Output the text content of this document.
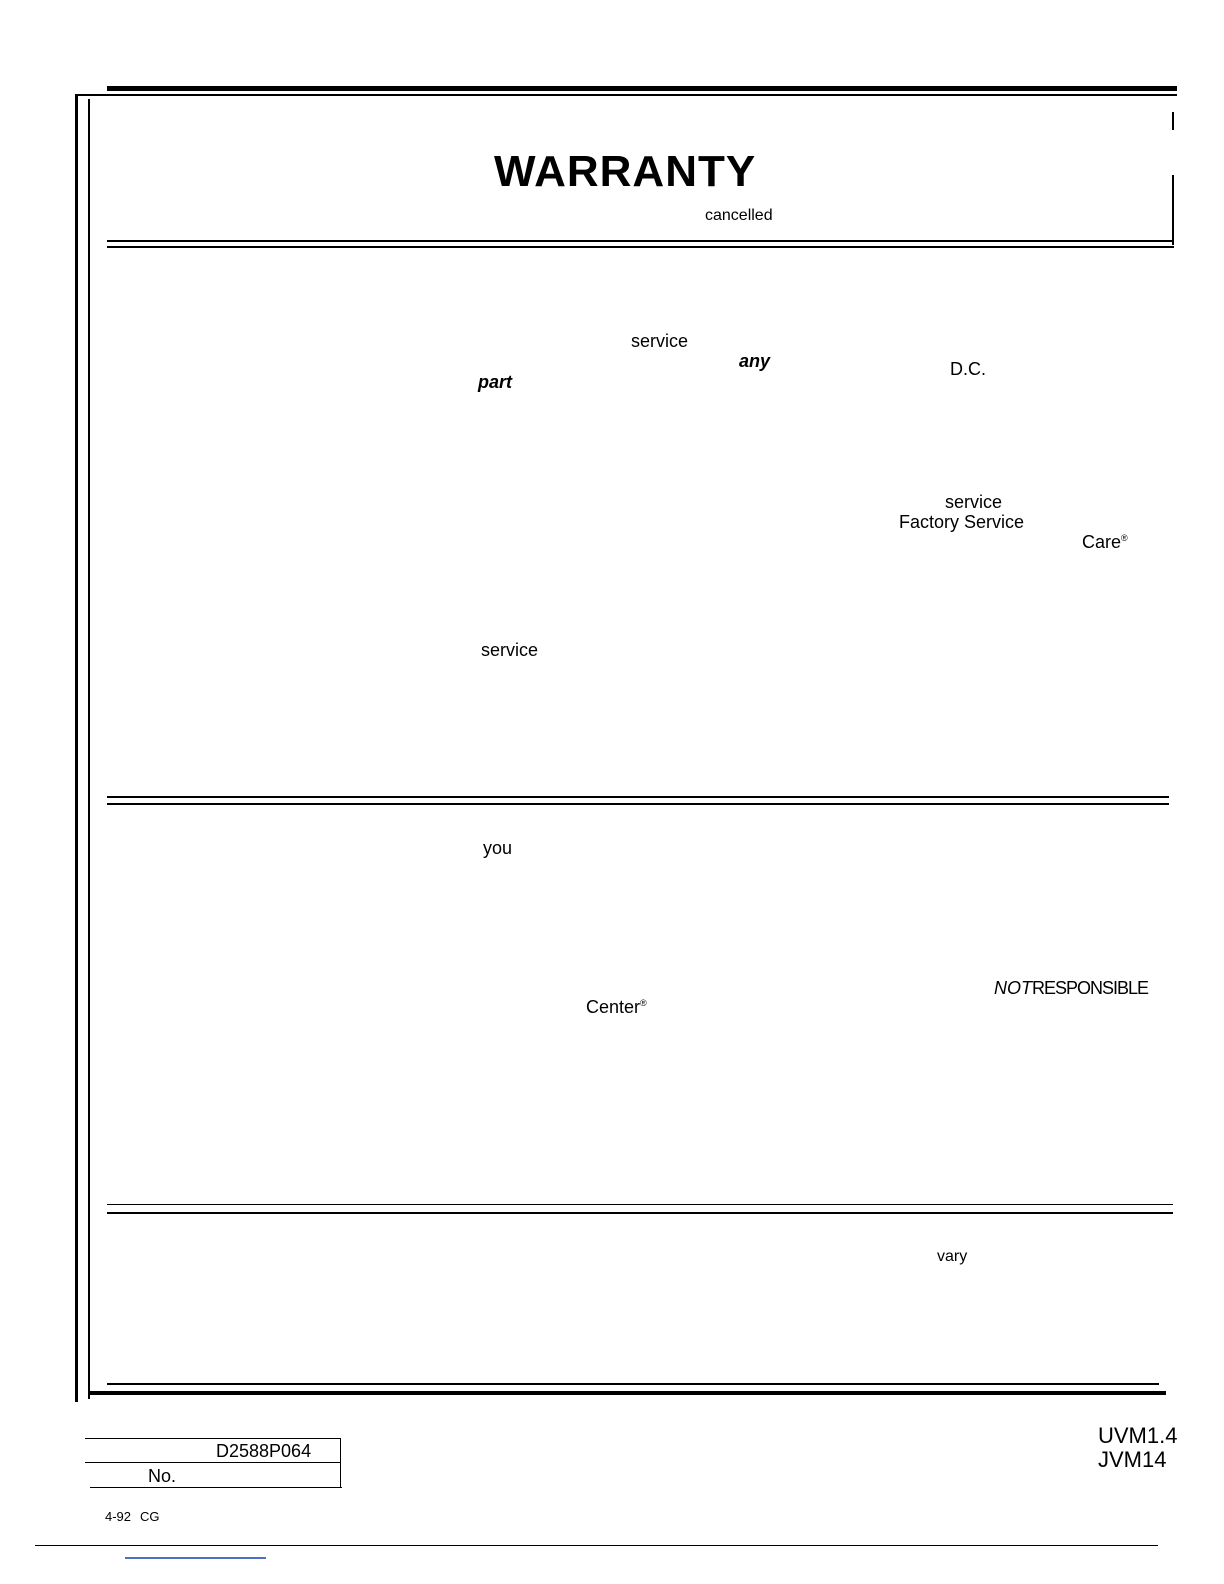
WARRANTY
cancelled
service
any	D.C.
part
service
Factory Service
Care®
service
you
NOTRESPONSIBLE
Center®
vary
D2588P064
No.
4-92 CG
UVM1.4
JVM14
